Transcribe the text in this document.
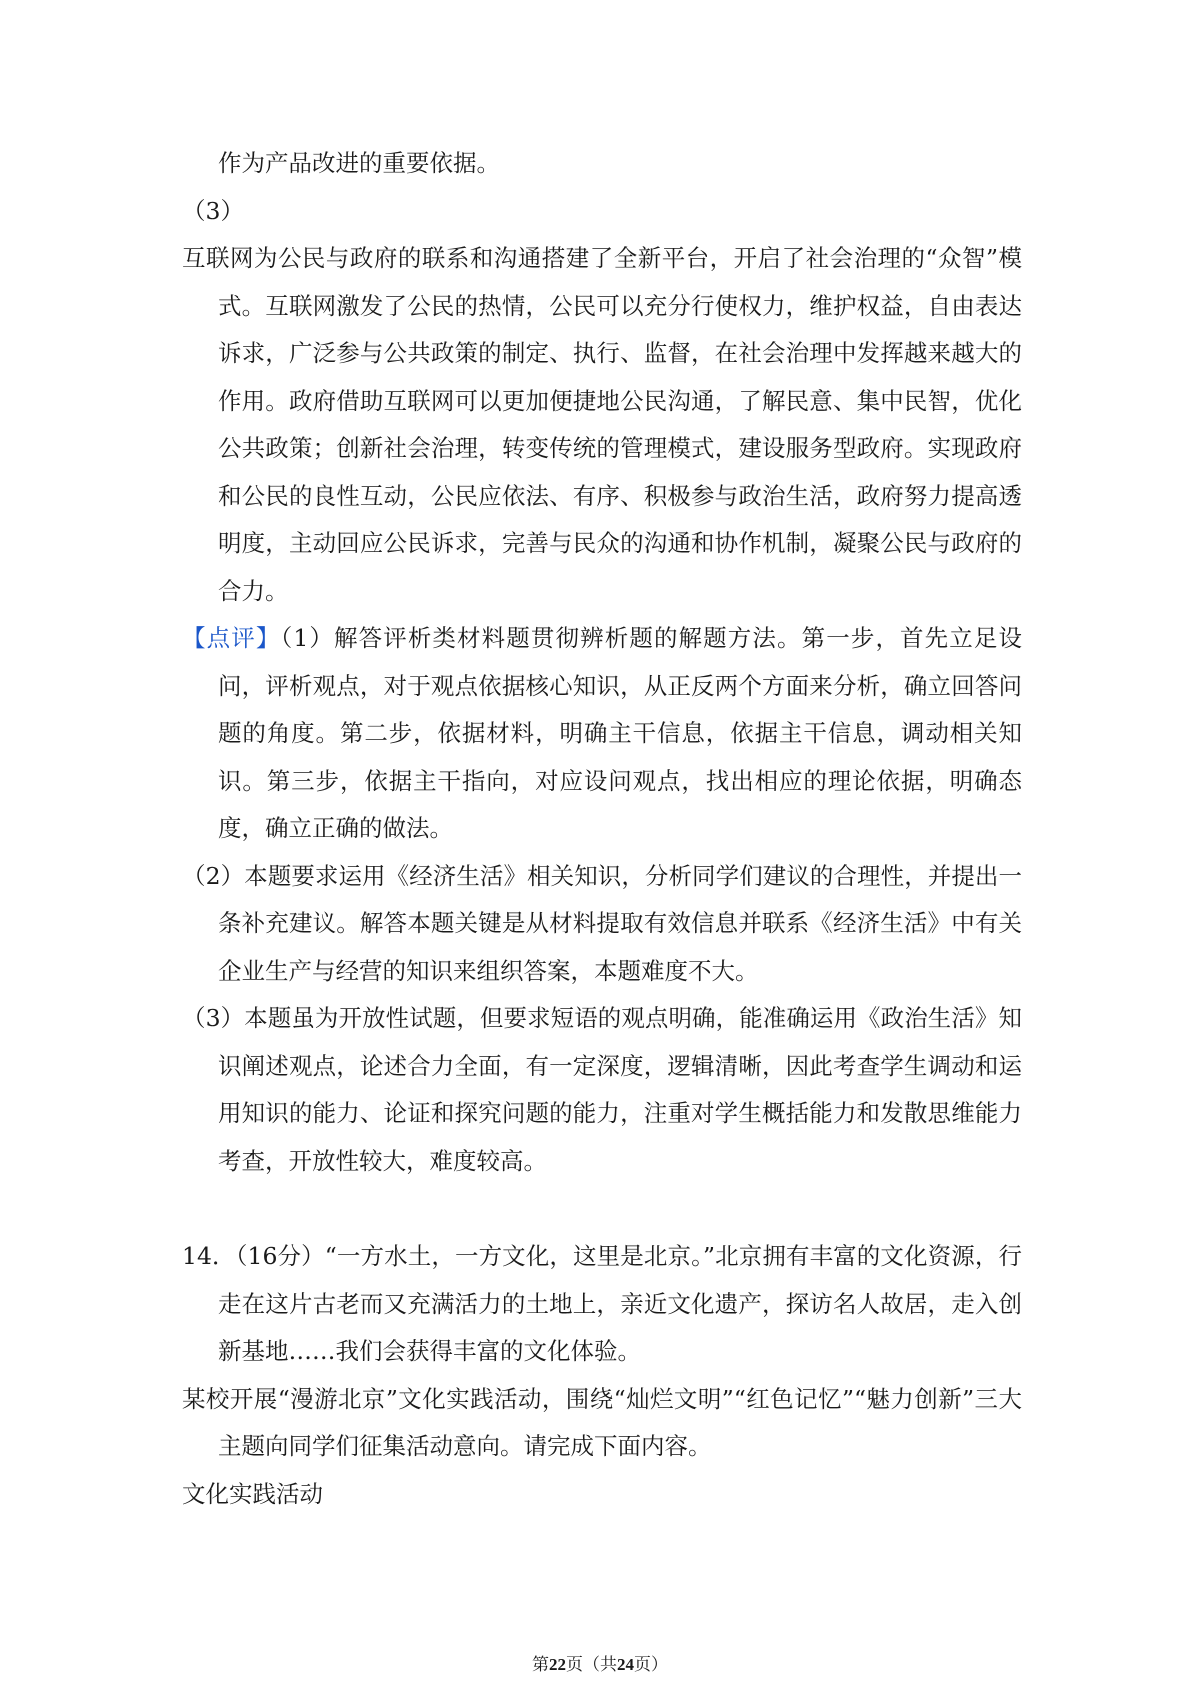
作为产品改进的重要依据。

（3）

互联网为公民与政府的联系和沟通搭建了全新平台，开启了社会治理的“众智”模式。互联网激发了公民的热情，公民可以充分行使权力，维护权益，自由表达诉求，广泛参与公共政策的制定、执行、监督，在社会治理中发挥越来越大的作用。政府借助互联网可以更加便捷地公民沟通，了解民意、集中民智，优化公共政策；创新社会治理，转变传统的管理模式，建设服务型政府。实现政府和公民的良性互动，公民应依法、有序、积极参与政治生活，政府努力提高透明度，主动回应公民诉求，完善与民众的沟通和协作机制，凝聚公民与政府的合力。

【点评】（1）解答评析类材料题贯彻辨析题的解题方法。第一步，首先立足设问，评析观点，对于观点依据核心知识，从正反两个方面来分析，确立回答问题的角度。第二步，依据材料，明确主干信息，依据主干信息，调动相关知识。第三步，依据主干指向，对应设问观点，找出相应的理论依据，明确态度，确立正确的做法。

（2）本题要求运用《经济生活》相关知识，分析同学们建议的合理性，并提出一条补充建议。解答本题关键是从材料提取有效信息并联系《经济生活》中有关企业生产与经营的知识来组织答案，本题难度不大。

（3）本题虽为开放性试题，但要求短语的观点明确，能准确运用《政治生活》知识阐述观点，论述合力全面，有一定深度，逻辑清晰，因此考查学生调动和运用知识的能力、论证和探究问题的能力，注重对学生概括能力和发散思维能力考查，开放性较大，难度较高。

14．（16分）“一方水土，一方文化，这里是北京。”北京拥有丰富的文化资源，行走在这片古老而又充满活力的土地上，亲近文化遗产，探访名人故居，走入创新基地……我们会获得丰富的文化体验。

某校开展“漫游北京”文化实践活动，围绕“灿烂文明”“红色记忆”“魅力创新”三大主题向同学们征集活动意向。请完成下面内容。

文化实践活动

第22页（共24页）
